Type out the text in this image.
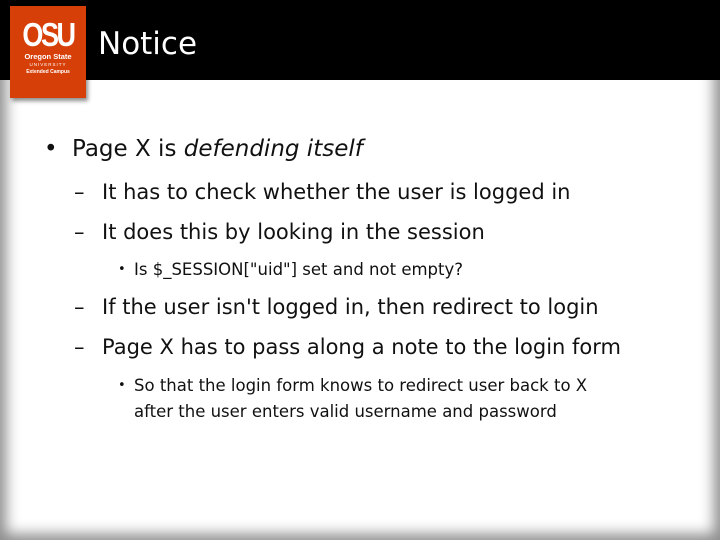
OSU
Oregon State
UNIVERSITY
Extended Campus
Notice
• Page X is defending itself
– It has to check whether the user is logged in
– It does this by looking in the session
• Is $_SESSION["uid"] set and not empty?
– If the user isn't logged in, then redirect to login
– Page X has to pass along a note to the login form
• So that the login form knows to redirect user back to X
after the user enters valid username and password
